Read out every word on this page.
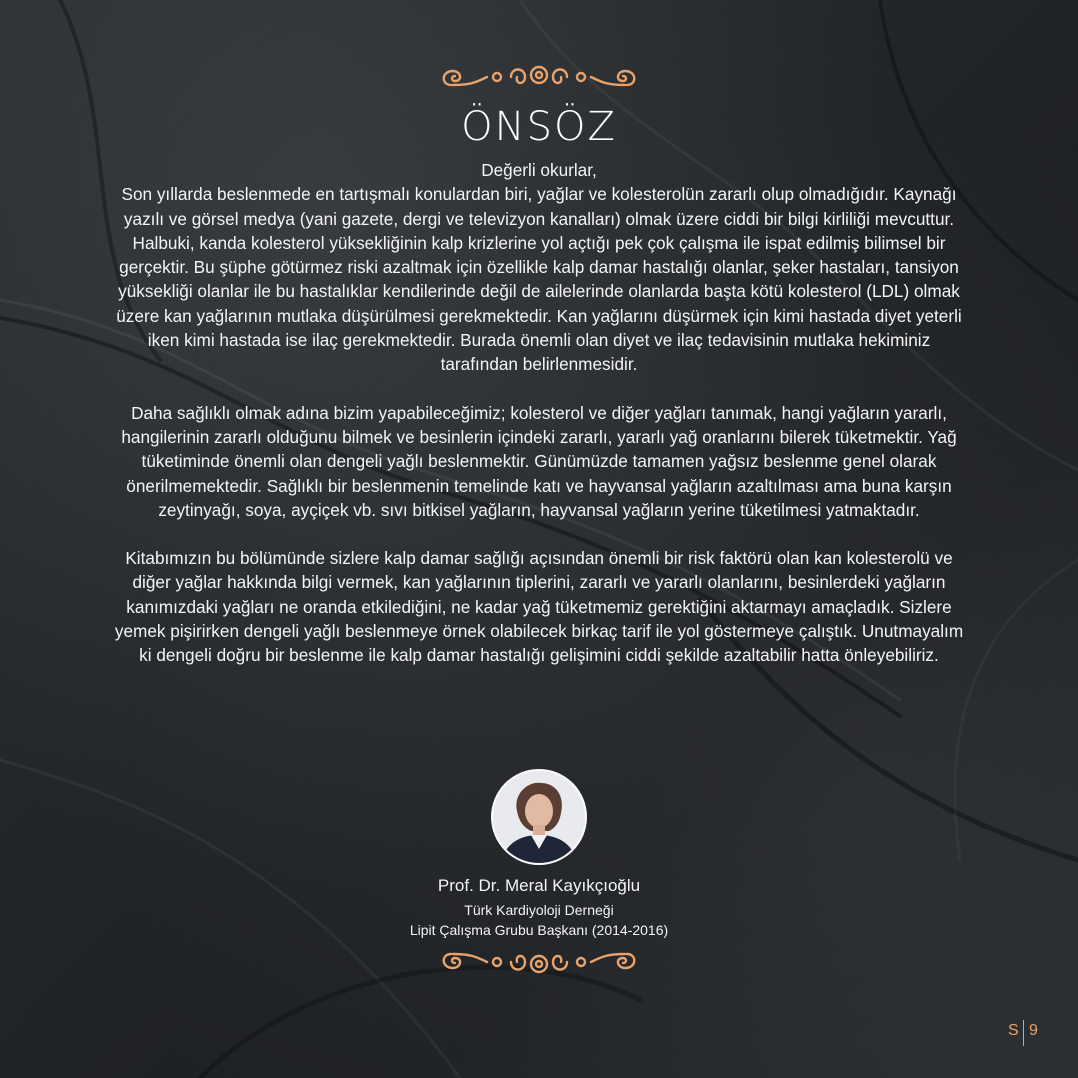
ÖNSÖZ

Değerli okurlar,

Son yıllarda beslenmede en tartışmalı konulardan biri, yağlar ve kolesterolün zararlı olup olmadığıdır. Kaynağı yazılı ve görsel medya (yani gazete, dergi ve televizyon kanalları) olmak üzere ciddi bir bilgi kirliliği mevcuttur. Halbuki, kanda kolesterol yüksekliğinin kalp krizlerine yol açtığı pek çok çalışma ile ispat edilmiş bilimsel bir gerçektir. Bu şüphe götürmez riski azaltmak için özellikle kalp damar hastalığı olanlar, şeker hastaları, tansiyon yüksekliği olanlar ile bu hastalıklar kendilerinde değil de ailelerinde olanlarda başta kötü kolesterol (LDL) olmak üzere kan yağlarının mutlaka düşürülmesi gerekmektedir. Kan yağlarını düşürmek için kimi hastada diyet yeterli iken kimi hastada ise ilaç gerekmektedir. Burada önemli olan diyet ve ilaç tedavisinin mutlaka hekiminiz tarafından belirlenmesidir.

Daha sağlıklı olmak adına bizim yapabileceğimiz; kolesterol ve diğer yağları tanımak, hangi yağların yararlı, hangilerinin zararlı olduğunu bilmek ve besinlerin içindeki zararlı, yararlı yağ oranlarını bilerek tüketmektir. Yağ tüketiminde önemli olan dengeli yağlı beslenmektir. Günümüzde tamamen yağsız beslenme genel olarak önerilmemektedir. Sağlıklı bir beslenmenin temelinde katı ve hayvansal yağların azaltılması ama buna karşın zeytinyağı, soya, ayçiçek vb. sıvı bitkisel yağların, hayvansal yağların yerine tüketilmesi yatmaktadır.

Kitabımızın bu bölümünde sizlere kalp damar sağlığı açısından önemli bir risk faktörü olan kan kolesterolü ve diğer yağlar hakkında bilgi vermek, kan yağlarının tiplerini, zararlı ve yararlı olanlarını, besinlerdeki yağların kanımızdaki yağları ne oranda etkilediğini, ne kadar yağ tüketmemiz gerektiğini aktarmayı amaçladık. Sizlere yemek pişirirken dengeli yağlı beslenmeye örnek olabilecek birkaç tarif ile yol göstermeye çalıştık. Unutmayalım ki dengeli doğru bir beslenme ile kalp damar hastalığı gelişimini ciddi şekilde azaltabilir hatta önleyebiliriz.

Prof. Dr. Meral Kayıkçıoğlu
Türk Kardiyoloji Derneği
Lipit Çalışma Grubu Başkanı (2014-2016)
S 9
